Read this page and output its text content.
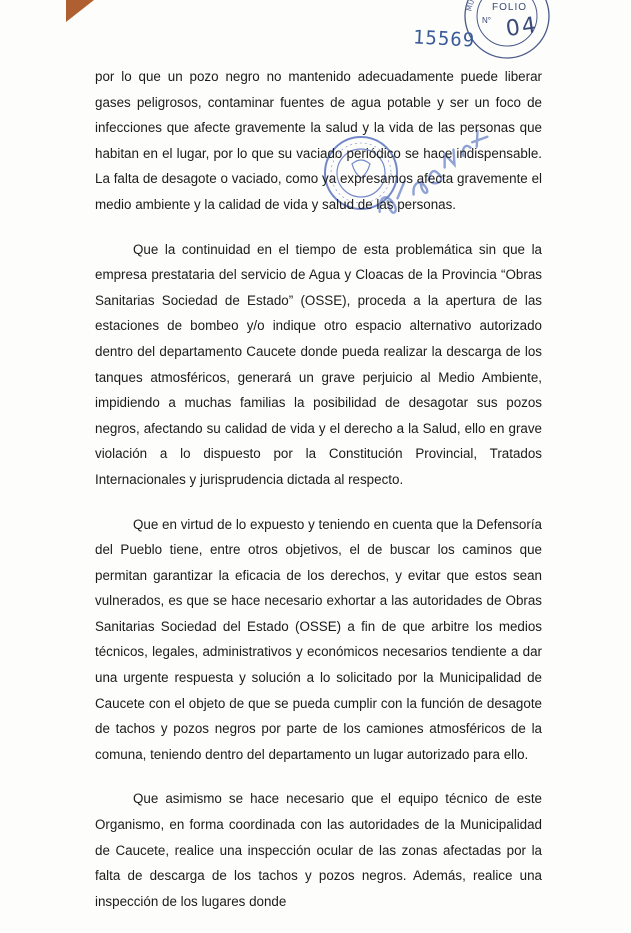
MU	FOLIO
N° 04
15569

por lo que un pozo negro no mantenido adecuadamente puede liberar gases peligrosos, contaminar fuentes de agua potable y ser un foco de infecciones que afecte gravemente la salud y la vida de las personas que habitan en el lugar, por lo que su vaciado periódico se hace indispensable. La falta de desagote o vaciado, como ya expresamos afecta gravemente el medio ambiente y la calidad de vida y salud de las personas.

Que la continuidad en el tiempo de esta problemática sin que la empresa prestataria del servicio de Agua y Cloacas de la Provincia “Obras Sanitarias Sociedad de Estado” (OSSE), proceda a la apertura de las estaciones de bombeo y/o indique otro espacio alternativo autorizado dentro del departamento Caucete donde pueda realizar la descarga de los tanques atmosféricos, generará un grave perjuicio al Medio Ambiente, impidiendo a muchas familias la posibilidad de desagotar sus pozos negros, afectando su calidad de vida y el derecho a la Salud, ello en grave violación a lo dispuesto por la Constitución Provincial, Tratados Internacionales y jurisprudencia dictada al respecto.

Que en virtud de lo expuesto y teniendo en cuenta que la Defensoría del Pueblo tiene, entre otros objetivos, el de buscar los caminos que permitan garantizar la eficacia de los derechos, y evitar que estos sean vulnerados, es que se hace necesario exhortar a las autoridades de Obras Sanitarias Sociedad del Estado (OSSE) a fin de que arbitre los medios técnicos, legales, administrativos y económicos necesarios tendiente a dar una urgente respuesta y solución a lo solicitado por la Municipalidad de Caucete con el objeto de que se pueda cumplir con la función de desagote de tachos y pozos negros por parte de los camiones atmosféricos de la comuna, teniendo dentro del departamento un lugar autorizado para ello.

Que asimismo se hace necesario que el equipo técnico de este Organismo, en forma coordinada con las autoridades de la Municipalidad de Caucete, realice una inspección ocular de las zonas afectadas por la falta de descarga de los tachos y pozos negros. Además, realice una inspección de los lugares donde
